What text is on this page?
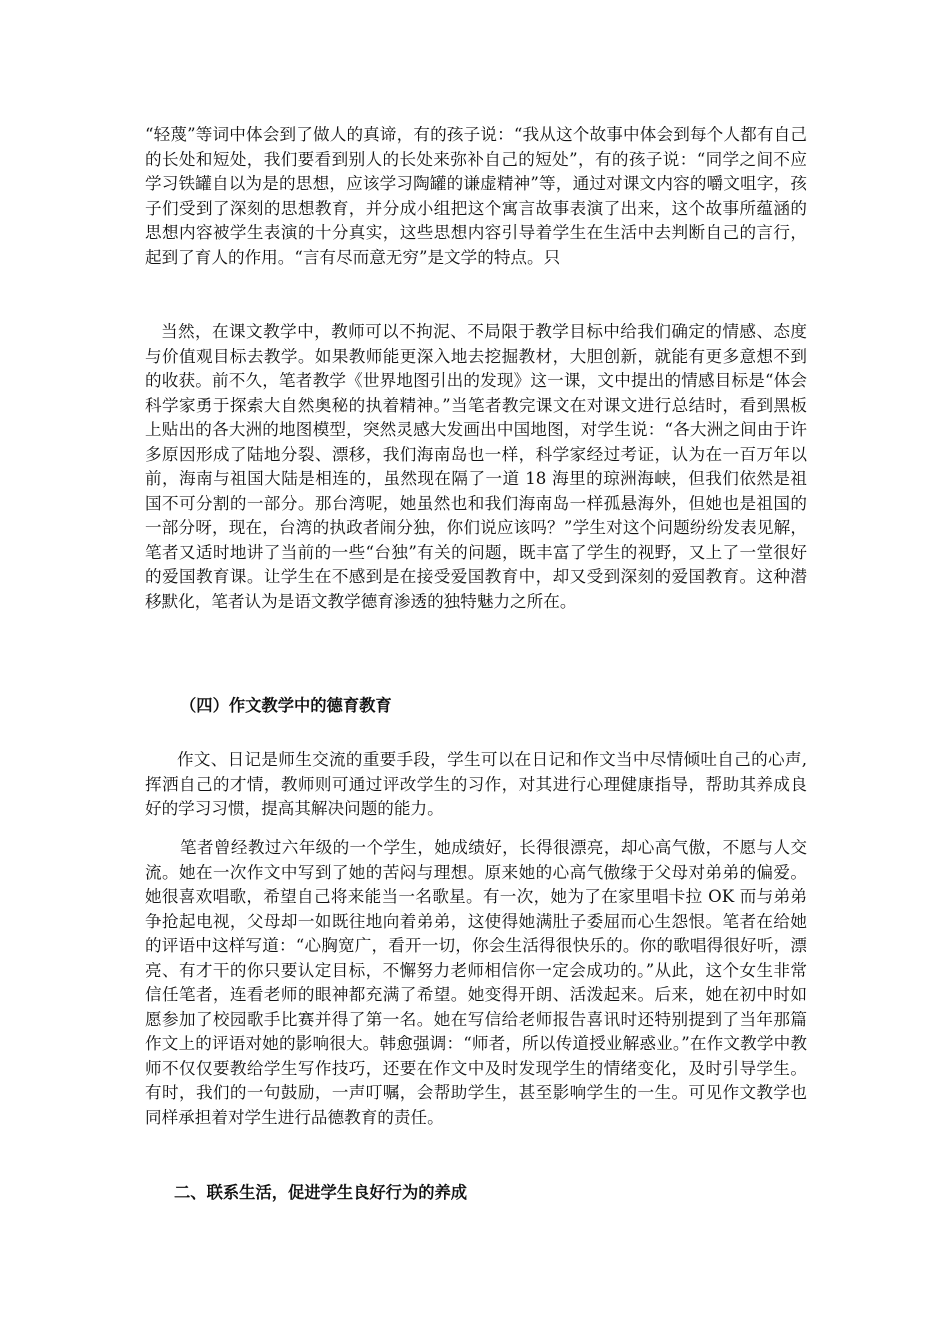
“轻蔑”等词中体会到了做人的真谛，有的孩子说：“我从这个故事中体会到每个人都有自己的长处和短处，我们要看到别人的长处来弥补自己的短处”，有的孩子说：“同学之间不应学习铁罐自以为是的思想，应该学习陶罐的谦虚精神”等，通过对课文内容的嚼文咀字，孩子们受到了深刻的思想教育，并分成小组把这个寓言故事表演了出来，这个故事所蕴涵的思想内容被学生表演的十分真实，这些思想内容引导着学生在生活中去判断自己的言行，起到了育人的作用。“言有尽而意无穷”是文学的特点。只

当然，在课文教学中，教师可以不拘泥、不局限于教学目标中给我们确定的情感、态度与价值观目标去教学。如果教师能更深入地去挖掘教材，大胆创新，就能有更多意想不到的收获。前不久，笔者教学《世界地图引出的发现》这一课，文中提出的情感目标是“体会科学家勇于探索大自然奥秘的执着精神。”当笔者教完课文在对课文进行总结时，看到黑板上贴出的各大洲的地图模型，突然灵感大发画出中国地图，对学生说：“各大洲之间由于许多原因形成了陆地分裂、漂移，我们海南岛也一样，科学家经过考证，认为在一百万年以前，海南与祖国大陆是相连的，虽然现在隔了一道 18 海里的琼洲海峡，但我们依然是祖国不可分割的一部分。那台湾呢，她虽然也和我们海南岛一样孤悬海外，但她也是祖国的一部分呀，现在，台湾的执政者闹分独，你们说应该吗？”学生对这个问题纷纷发表见解，笔者又适时地讲了当前的一些“台独”有关的问题，既丰富了学生的视野，又上了一堂很好的爱国教育课。让学生在不感到是在接受爱国教育中，却又受到深刻的爱国教育。这种潜移默化，笔者认为是语文教学德育渗透的独特魅力之所在。

（四）作文教学中的德育教育

作文、日记是师生交流的重要手段，学生可以在日记和作文当中尽情倾吐自己的心声,挥洒自己的才情，教师则可通过评改学生的习作，对其进行心理健康指导，帮助其养成良好的学习习惯，提高其解决问题的能力。

笔者曾经教过六年级的一个学生，她成绩好，长得很漂亮，却心高气傲，不愿与人交流。她在一次作文中写到了她的苦闷与理想。原来她的心高气傲缘于父母对弟弟的偏爱。她很喜欢唱歌，希望自己将来能当一名歌星。有一次，她为了在家里唱卡拉 OK 而与弟弟争抢起电视，父母却一如既往地向着弟弟，这使得她满肚子委屈而心生怨恨。笔者在给她的评语中这样写道：“心胸宽广，看开一切，你会生活得很快乐的。你的歌唱得很好听，漂亮、有才干的你只要认定目标，不懈努力老师相信你一定会成功的。”从此，这个女生非常信任笔者，连看老师的眼神都充满了希望。她变得开朗、活泼起来。后来，她在初中时如愿参加了校园歌手比赛并得了第一名。她在写信给老师报告喜讯时还特别提到了当年那篇作文上的评语对她的影响很大。韩愈强调：“师者，所以传道授业解惑业。”在作文教学中教师不仅仅要教给学生写作技巧，还要在作文中及时发现学生的情绪变化，及时引导学生。有时，我们的一句鼓励，一声叮嘱，会帮助学生，甚至影响学生的一生。可见作文教学也同样承担着对学生进行品德教育的责任。

二、联系生活，促进学生良好行为的养成
